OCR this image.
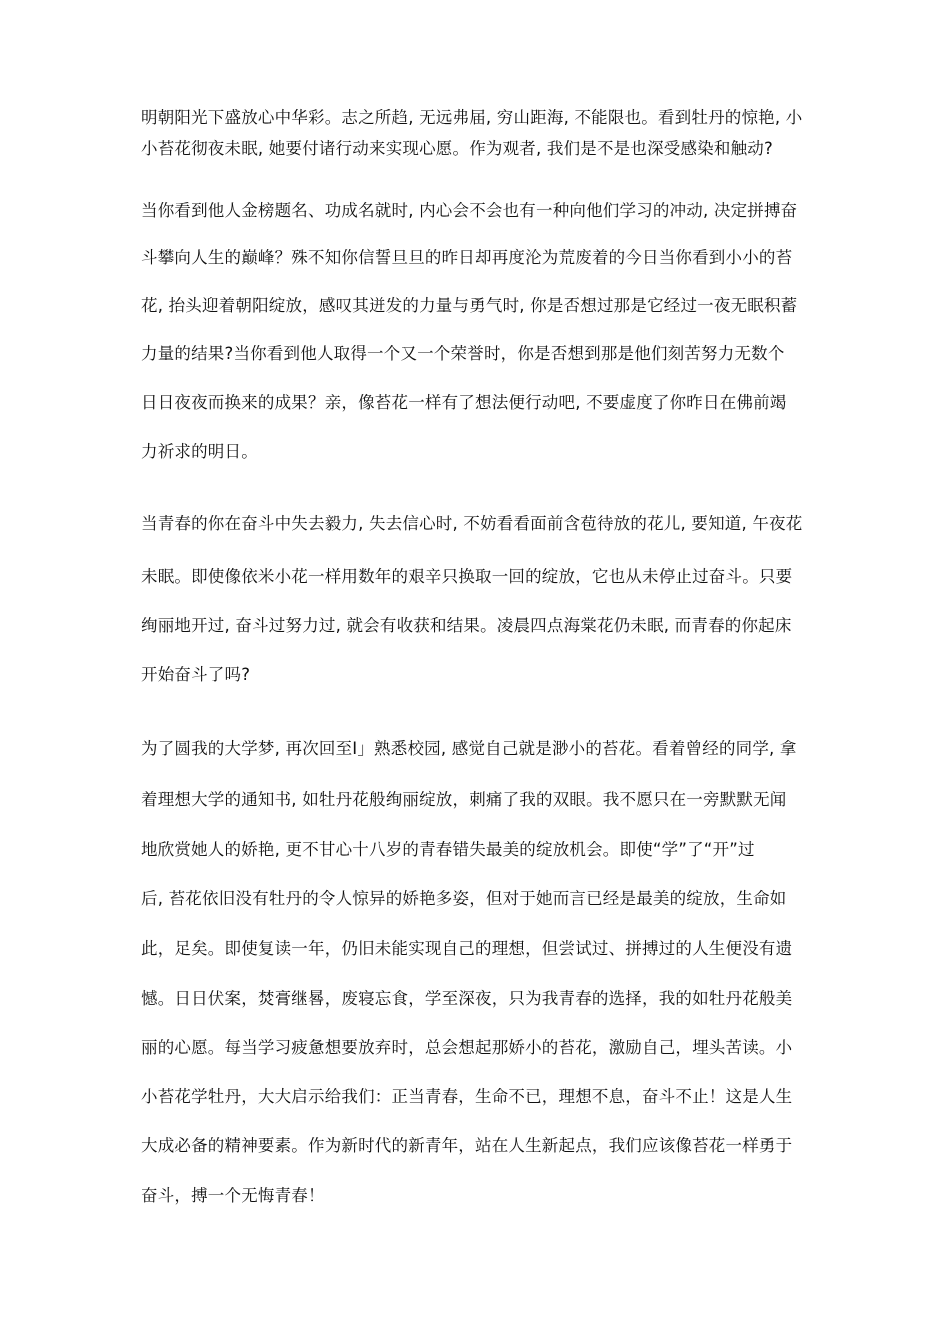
明朝阳光下盛放心中华彩。志之所趋, 无远弗届, 穷山距海, 不能限也。看到牡丹的惊艳, 小
小苔花彻夜未眠, 她要付诸行动来实现心愿。作为观者, 我们是不是也深受感染和触动?
当你看到他人金榜题名、功成名就时, 内心会不会也有一种向他们学习的冲动, 决定拼搏奋
斗攀向人生的巅峰？殊不知你信誓旦旦的昨日却再度沦为荒废着的今日当你看到小小的苔
花, 抬头迎着朝阳绽放，感叹其迸发的力量与勇气时, 你是否想过那是它经过一夜无眠积蓄
力量的结果?当你看到他人取得一个又一个荣誉时，你是否想到那是他们刻苦努力无数个
日日夜夜而换来的成果？亲，像苔花一样有了想法便行动吧, 不要虚度了你昨日在佛前竭
力祈求的明日。
当青春的你在奋斗中失去毅力, 失去信心时, 不妨看看面前含苞待放的花儿, 要知道, 午夜花
未眠。即使像依米小花一样用数年的艰辛只换取一回的绽放，它也从未停止过奋斗。只要
绚丽地开过, 奋斗过努力过, 就会有收获和结果。凌晨四点海棠花仍未眠, 而青春的你起床
开始奋斗了吗?
为了圆我的大学梦, 再次回至Ⅰ」熟悉校园, 感觉自己就是渺小的苔花。看着曾经的同学, 拿
着理想大学的通知书, 如牡丹花般绚丽绽放，刺痛了我的双眼。我不愿只在一旁默默无闻
地欣赏她人的娇艳, 更不甘心十八岁的青春错失最美的绽放机会。即使“学”了“开”过
后, 苔花依旧没有牡丹的令人惊异的娇艳多姿，但对于她而言已经是最美的绽放，生命如
此，足矣。即使复读一年，仍旧未能实现自己的理想，但尝试过、拼搏过的人生便没有遗
憾。日日伏案，焚膏继晷，废寝忘食，学至深夜，只为我青春的选择，我的如牡丹花般美
丽的心愿。每当学习疲惫想要放弃时，总会想起那娇小的苔花，激励自己，埋头苦读。小
小苔花学牡丹，大大启示给我们：正当青春，生命不已，理想不息，奋斗不止！这是人生
大成必备的精神要素。作为新时代的新青年，站在人生新起点，我们应该像苔花一样勇于
奋斗，搏一个无悔青春！
